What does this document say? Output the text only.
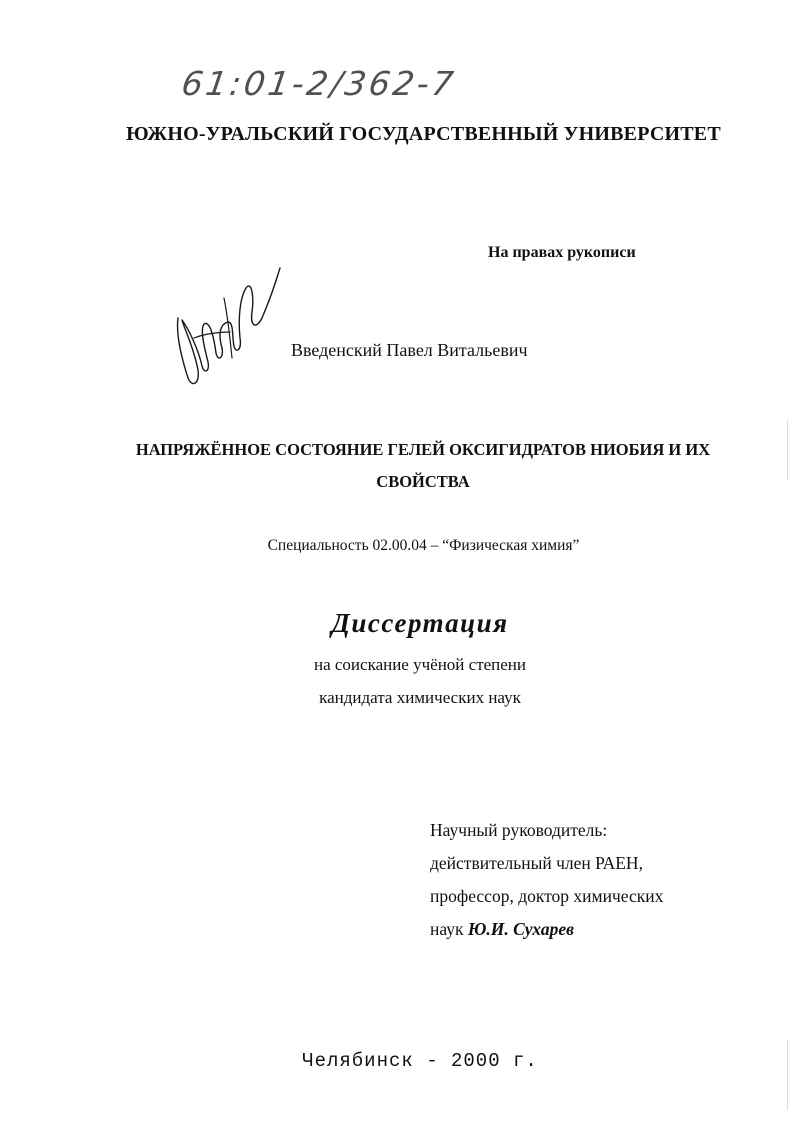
61:01-2/362-7
ЮЖНО-УРАЛЬСКИЙ ГОСУДАРСТВЕННЫЙ УНИВЕРСИТЕТ
На правах рукописи
Введенский Павел Витальевич
НАПРЯЖЁННОЕ СОСТОЯНИЕ ГЕЛЕЙ ОКСИГИДРАТОВ НИОБИЯ И ИХ
СВОЙСТВА
Специальность 02.00.04 – “Физическая химия”
Диссертация
на соискание учёной степени
кандидата химических наук
Научный руководитель:
действительный член РАЕН,
профессор, доктор химических
наук Ю.И. Сухарев
Челябинск - 2000 г.
